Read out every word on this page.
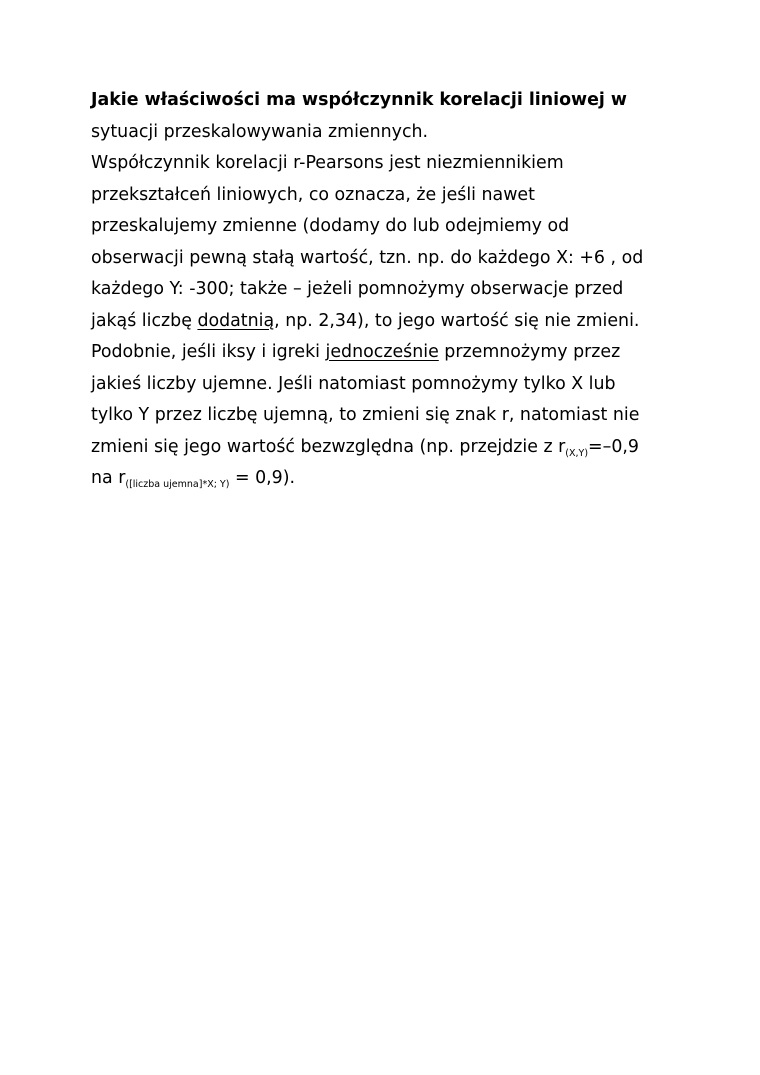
Jakie właściwości ma współczynnik korelacji liniowej w
sytuacji przeskalowywania zmiennych.
Współczynnik korelacji r-Pearsons jest niezmiennikiem
przekształceń liniowych, co oznacza, że jeśli nawet
przeskalujemy zmienne (dodamy do lub odejmiemy od
obserwacji pewną stałą wartość, tzn. np. do każdego X: +6 , od
każdego Y: -300; także – jeżeli pomnożymy obserwacje przed
jakąś liczbę dodatnią, np. 2,34), to jego wartość się nie zmieni.
Podobnie, jeśli iksy i igreki jednocześnie przemnożymy przez
jakieś liczby ujemne. Jeśli natomiast pomnożymy tylko X lub
tylko Y przez liczbę ujemną, to zmieni się znak r, natomiast nie
zmieni się jego wartość bezwzględna (np. przejdzie z $r_{(X,Y)}=-0,9$
na $r_{([liczba ujemna]*X; Y)} = 0,9$).
